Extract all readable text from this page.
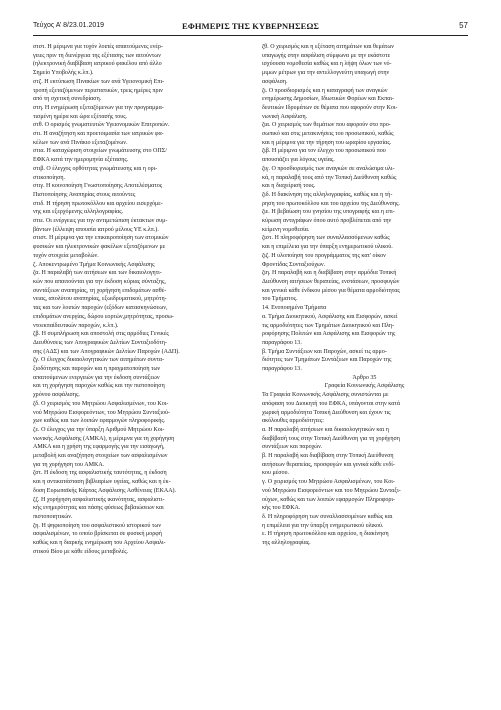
Τεύχος Α’ 8/23.01.2019	ΕΦΗΜΕΡΙΣ ΤΗΣ ΚΥΒΕΡΝΗΣΕΩΣ	57

στστ. Η μέριμνα για τυχόν λοιπές απαιτούμενες ενέρ-

γειες πριν τη διενέργεια της εξέτασης των αιτούντων

(ηλεκτρονική διαβίβαση ιατρικού φακέλου από άλλο

Σημείο Υποβολής κ.λπ.).

στζ. Η εκτύπωση Πινακίων των ανά Υγειονομική Επι-

τροπή εξεταζόμενων περιστατικών, τρεις ημέρες πριν

από τη σχετική συνεδρίαση.

στη. Η ενημέρωση εξεταζόμενων για την προγραμμα-

τισμένη ημέρα και ώρα εξέτασής τους.

στθ. Ο ορισμός γνωματευτών Υγειονομικών Επιτροπών.

στι. Η αναζήτηση και προετοιμασία των ιατρικών φα-

κέλων των ανά Πινάκιο εξεταζομένων.

στια. Η καταχώριση στοιχείων γνωμάτευσης στο ΟΠΣ/

ΕΦΚΑ κατά την ημερομηνία εξέτασης.

στιβ. Ο έλεγχος ορθότητας γνωμάτευσης και η ορι-

στικοποίηση.

στιγ. Η κοινοποίηση Γνωστοποίησης Αποτελέσματος

Πιστοποίησης Αναπηρίας στους αιτούντες

στιδ. Η τήρηση πρωτοκόλλου και αρχείου εισερχόμε-

νης και εξερχόμενης αλληλογραφίας.

στιε. Οι ενέργειες για την αντιμετώπιση έκτακτων συμ-

βάντων (έλλειψη απουσία ιατρού μέλους ΥΕ κ.λπ.).

στιστ. Η μέριμνα για την επικαιροποίηση των ατομικών

φυσικών και ηλεκτρονικών φακέλων εξεταζόμενων με

τυχόν στοιχεία μεταβολών.

ζ. Αποκεντρωμένο Τμήμα Κοινωνικής Ασφάλισης

ζα. Η παραλαβή των αιτήσεων και των δικαιολογητι-

κών που απαιτούνται για την έκδοση κύριας σύνταξης,

συντάξεων αναπηρίας, τη χορήγηση επιδομάτων ασθέ-

νειας, απολύτου αναπηρίας, εξωιδρυματικού, μητρότη-

τας και των λοιπών παροχών (εξόδων κατασκηνώσεων,

επιδομάτων ανεργίας, δώρου εορτών,μητρότητας, προσω-

ντοεκπαίδευτικών παροχών, κ.λπ.).

ζβ. Η συμπλήρωση και αποστολή στις αρμόδιες Γενικές

Διευθύνσεις των Απογραφικών Δελτίων Συνταξιοδότη-

σης (ΑΔΣ) και των Απογραφικών Δελτίων Παροχών (ΑΔΠ).

ζγ. Ο έλεγχος δικαιολογητικών των αιτημάτων συντα-

ξιοδότησης και παροχών και η πραγματοποίηση των

απαιτούμενων ενεργειών για την έκδοση συντάξεων

και τη χορήγηση παροχών καθώς και την πιστοποίηση

χρόνου ασφάλισης.

ζδ. Ο χειρισμός του Μητρώου Ασφαλισμένων, του Κοι-

νού Μητρώου Εισφορεόντων, του Μητρώου Συνταξιού-

χων καθώς και των λοιπών εφαρμογών πληροφορικής.

ζε. Ο έλεγχος για την ύπαρξη Αριθμού Μητρώου Κοι-

νωνικής Ασφάλισης (ΑΜΚΑ), η μέριμνα για τη χορήγηση

ΑΜΚΑ και η χρήση της εφαρμογής για την εισαγωγή,

μεταβολή και αναζήτηση στοιχείων των ασφαλισμένων

για τη χορήγηση του ΑΜΚΑ.

ζστ. Η έκδοση της ασφαλιστικής ταυτότητας, η έκδοση

και η αντικατάσταση βιβλιαρίων υγείας, καθώς και η έκ-

δοση Ευρωπαϊκής Κάρτας Ασφάλισης Ασθένειας (ΕΚΑΑ).

ζζ. Η χορήγηση ασφαλιστικής ικανότητας, ασφαλιστι-

κής ενημερότητας και πάσης φύσεως βεβαιώσεων και

πιστοποιητικών.

ζη. Η ψηφιοποίηση του ασφαλιστικού ιστορικού των

ασφαλισμένων, το οποίο βρίσκεται σε φυσική μορφή

καθώς και η διαρκής ενημέρωση του Αρχείου Ασφαλι-

στικού Βίου με κάθε είδους μεταβολές.

ζθ. Ο χειρισμός και η εξέταση αιτημάτων και θεμάτων

υπαγωγής στην ασφάλιση σύμφωνα με την εκάστοτε

ισχύουσα νομοθεσία καθώς και η λήψη όλων των νό-

μιμων μέτρων για την αντελλογνεύτη υπαγωγή στην

ασφάλιση.

ζι. Ο προσδιορισμός και η καταγραφή των αναγκών

ενημέρωσης Δημοσίων, Ιδιωτικών Φορέων και Εκπαι-

δευτικών Ιδρυμάτων σε θέματα που αφορούν στην Κοι-

νωνική Ασφάλιση.

ζια. Ο χειρισμός των θεμάτων που αφορούν στο προ-

σωπικό και στις μετακινήσεις του προσωπικού, καθώς

και η μέριμνα για την τήρηση του ωραρίου εργασίας.

ζιβ. Η μέριμνα για τον έλεγχο του προσωπικού που

απουσιάζει για λόγους υγείας.

ζιγ. Ο προσδιορισμός των αναγκών σε αναλώσιμα υλι-

κά, η παραλαβή τους από την Τοπική Διεύθυνση καθώς

και η διαχείρισή τους.

ζιδ. Η διακίνηση της αλληλογραφίας, καθώς και η τή-

ρηση του πρωτοκόλλου και του αρχείου της Διεύθυνσης.

ζιε. Η βεβαίωση του γνησίου της υπογραφής και η επι-

κύρωση αντιγράφων όπου αυτό προβλέπεται από την

κείμενη νομοθεσία.

ζιστ. Η πληροφόρηση των συναλλασσόμενων καθώς

και η επιμέλεια για την ύπαρξη ενημερωτικού υλικού.

ζιζ. Η υλοποίηση του προγράμματος της κατ' οίκον

Φροντίδας Συνταξιούχων.

ζιη. Η παραλαβή και η διαβίβαση στην αρμόδια Τοπική

Διεύθυνση αιτήσεων θεραπείας, ενστάσεων, προσφυγών

και γενικά κάθε ένδικου μέσου για θέματα αρμοδιότητας

του Τμήματος.

14. Ενοποιημένα Τμήματα

α. Τμήμα Διοικητικού, Ασφάλισης και Εισφορών, ασκεί

τις αρμοδιότητες των Τμημάτων Διοικητικού και Πλη-

ροφόρησης Πολιτών και Ασφάλισης και Εισφορών της

παραγράφου 13.

β. Τμήμα Συντάξεων και Παροχών, ασκεί τις αρμο-

διότητες των Τμημάτων Συντάξεων και Παροχών της

παραγράφου 13.

Άρθρο 35

Γραφεία Κοινωνικής Ασφάλισης

Τα Γραφεία Κοινωνικής Ασφάλισης συνιστώνται με

απόφαση του Διοικητή του ΕΦΚΑ, υπάγονται στην κατά

χωρική αρμοδιότητα Τοπική Διεύθυνση και έχουν τις

ακόλουθες αρμοδιότητες:

α. Η παραλαβή αιτήσεων και δικαιολογητικών και η

διαβίβασή τους στην Τοπική Διεύθυνση για τη χορήγηση

συντάξεων και παροχών.

β. Η παραλαβή και διαβίβαση στην Τοπική Διεύθυνση

αιτήσεων θεραπείας, προσφυγών και γενικά κάθε ενδί-

κου μέσου.

γ. Ο χειρισμός του Μητρώου Ασφαλισμένων, του Κοι-

νού Μητρώου Εισφορεόντων και του Μητρώου Συνταξι-

ούχων, καθώς και των λοιπών εφαρμογών Πληροφορι-

κής του ΕΦΚΑ.

δ. Η πληροφόρηση των συναλλασσομένων καθώς και

η επιμέλεια για την ύπαρξη ενημερωτικού υλικού.

ε. Η τήρηση πρωτοκόλλου και αρχείου, η διακίνηση

της αλληλογραφίας.
